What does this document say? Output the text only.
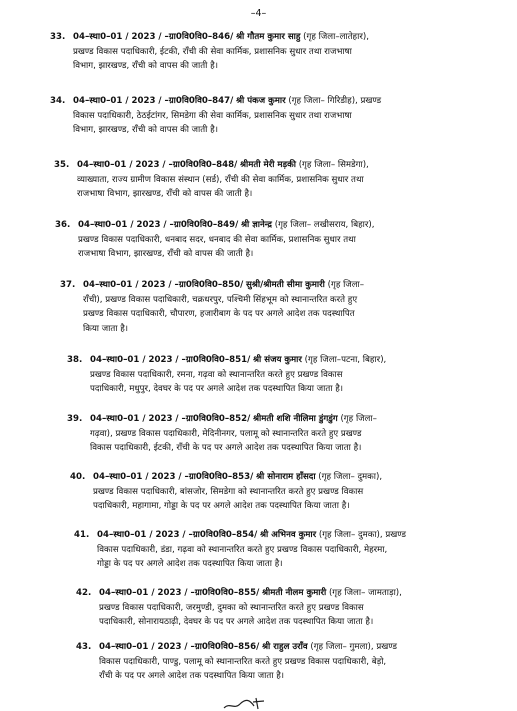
–4–
33. 04–स्था0–01 / 2023 / –ग्रा0वि0वि0–846/ श्री गौतम कुमार साहु (गृह जिला–लातेहार),
प्रखण्ड विकास पदाधिकारी, ईटकी, राँची की सेवा कार्मिक, प्रशासनिक सुधार तथा राजभाषा
विभाग, झारखण्ड, राँची को वापस की जाती है।
34. 04–स्था0–01 / 2023 / –ग्रा0वि0वि0–847/ श्री पंकज कुमार (गृह जिला– गिरिडीह), प्रखण्ड
विकास पदाधिकारी, ठेठईटांगर, सिमडेगा की सेवा कार्मिक, प्रशासनिक सुधार तथा राजभाषा
विभाग, झारखण्ड, राँची को वापस की जाती है।
35. 04–स्था0–01 / 2023 / –ग्रा0वि0वि0–848/ श्रीमती मेरी मड़की (गृह जिला– सिमडेगा),
व्याख्याता, राज्य ग्रामीण विकास संस्थान (सर्ड), राँची की सेवा कार्मिक, प्रशासनिक सुधार तथा
राजभाषा विभाग, झारखण्ड, राँची को वापस की जाती है।
36. 04–स्था0–01 / 2023 / –ग्रा0वि0वि0–849/ श्री ज्ञानेन्द्र (गृह जिला– लखीसराय, बिहार),
प्रखण्ड विकास पदाधिकारी, धनबाद सदर, धनबाद की सेवा कार्मिक, प्रशासनिक सुधार तथा
राजभाषा विभाग, झारखण्ड, राँची को वापस की जाती है।
37. 04–स्था0–01 / 2023 / –ग्रा0वि0वि0–850/ सुश्री/श्रीमती सीमा कुमारी (गृह जिला–
राँची), प्रखण्ड विकास पदाधिकारी, चक्रधरपुर, पश्चिमी सिंहभूम को स्थानान्तरित करते हुए
प्रखण्ड विकास पदाधिकारी, चौपारण, हजारीबाग के पद पर अगले आदेश तक पदस्थापित
किया जाता है।
38. 04–स्था0–01 / 2023 / –ग्रा0वि0वि0–851/ श्री संजय कुमार (गृह जिला–पटना, बिहार),
प्रखण्ड विकास पदाधिकारी, रमना, गढ़वा को स्थानान्तरित करते हुए प्रखण्ड विकास
पदाधिकारी, मधुपुर, देवघर के पद पर अगले आदेश तक पदस्थापित किया जाता है।
39. 04–स्था0–01 / 2023 / –ग्रा0वि0वि0–852/ श्रीमती शशि नीलिमा डुंगडुंग (गृह जिला–
गढ़वा), प्रखण्ड विकास पदाधिकारी, मेदिनीनगर, पलामू को स्थानान्तरित करते हुए प्रखण्ड
विकास पदाधिकारी, ईटकी, राँची के पद पर अगले आदेश तक पदस्थापित किया जाता है।
40. 04–स्था0–01 / 2023 / –ग्रा0वि0वि0–853/ श्री सोनाराम हाँसदा (गृह जिला– दुमका),
प्रखण्ड विकास पदाधिकारी, बांसजोर, सिमडेगा को स्थानान्तरित करते हुए प्रखण्ड विकास
पदाधिकारी, महागामा, गोड्डा के पद पर अगले आदेश तक पदस्थापित किया जाता है।
41. 04–स्था0–01 / 2023 / –ग्रा0वि0वि0–854/ श्री अभिनव कुमार (गृह जिला– दुमका), प्रखण्ड
विकास पदाधिकारी, डंडा, गढ़वा को स्थानान्तरित करते हुए प्रखण्ड विकास पदाधिकारी, मेहरमा,
गोड्डा के पद पर अगले आदेश तक पदस्थापित किया जाता है।
42. 04–स्था0–01 / 2023 / –ग्रा0वि0वि0–855/ श्रीमती नीलम कुमारी (गृह जिला– जामताड़ा),
प्रखण्ड विकास पदाधिकारी, जरमुण्डी, दुमका को स्थानान्तरित करते हुए प्रखण्ड विकास
पदाधिकारी, सोनारायठाढ़ी, देवघर के पद पर अगले आदेश तक पदस्थापित किया जाता है।
43. 04–स्था0–01 / 2023 / –ग्रा0वि0वि0–856/ श्री राहुल उराँव (गृह जिला– गुमला), प्रखण्ड
विकास पदाधिकारी, पाण्डु, पलामू को स्थानान्तरित करते हुए प्रखण्ड विकास पदाधिकारी, बेड़ो,
राँची के पद पर अगले आदेश तक पदस्थापित किया जाता है।
